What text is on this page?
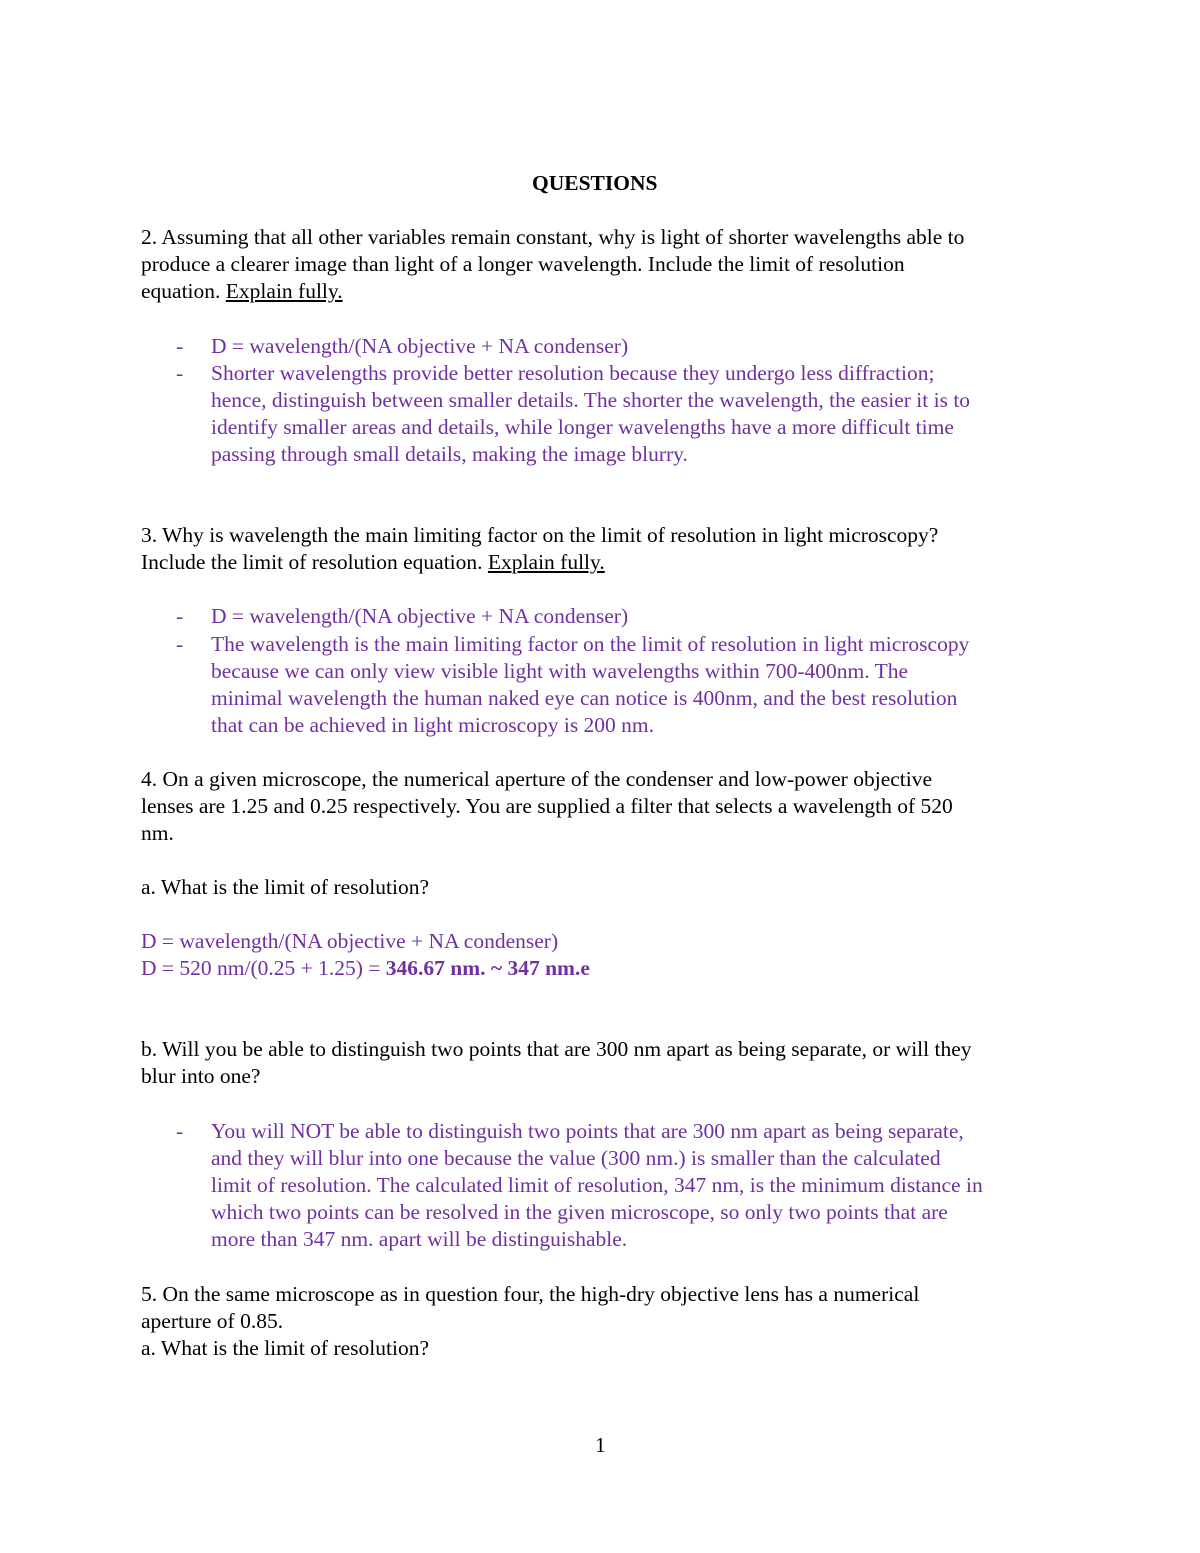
QUESTIONS
2. Assuming that all other variables remain constant, why is light of shorter wavelengths able to
produce a clearer image than light of a longer wavelength. Include the limit of resolution
equation. Explain fully.
- D = wavelength/(NA objective + NA condenser)
- Shorter wavelengths provide better resolution because they undergo less diffraction;
hence, distinguish between smaller details. The shorter the wavelength, the easier it is to
identify smaller areas and details, while longer wavelengths have a more difficult time
passing through small details, making the image blurry.
3. Why is wavelength the main limiting factor on the limit of resolution in light microscopy?
Include the limit of resolution equation. Explain fully.
- D = wavelength/(NA objective + NA condenser)
- The wavelength is the main limiting factor on the limit of resolution in light microscopy
because we can only view visible light with wavelengths within 700-400nm. The
minimal wavelength the human naked eye can notice is 400nm, and the best resolution
that can be achieved in light microscopy is 200 nm.
4. On a given microscope, the numerical aperture of the condenser and low-power objective
lenses are 1.25 and 0.25 respectively. You are supplied a filter that selects a wavelength of 520
nm.
a. What is the limit of resolution?
D = wavelength/(NA objective + NA condenser)
D = 520 nm/(0.25 + 1.25) = 346.67 nm. ~ 347 nm.e
b. Will you be able to distinguish two points that are 300 nm apart as being separate, or will they
blur into one?
- You will NOT be able to distinguish two points that are 300 nm apart as being separate,
and they will blur into one because the value (300 nm.) is smaller than the calculated
limit of resolution. The calculated limit of resolution, 347 nm, is the minimum distance in
which two points can be resolved in the given microscope, so only two points that are
more than 347 nm. apart will be distinguishable.
5. On the same microscope as in question four, the high-dry objective lens has a numerical
aperture of 0.85.
a. What is the limit of resolution?
1
